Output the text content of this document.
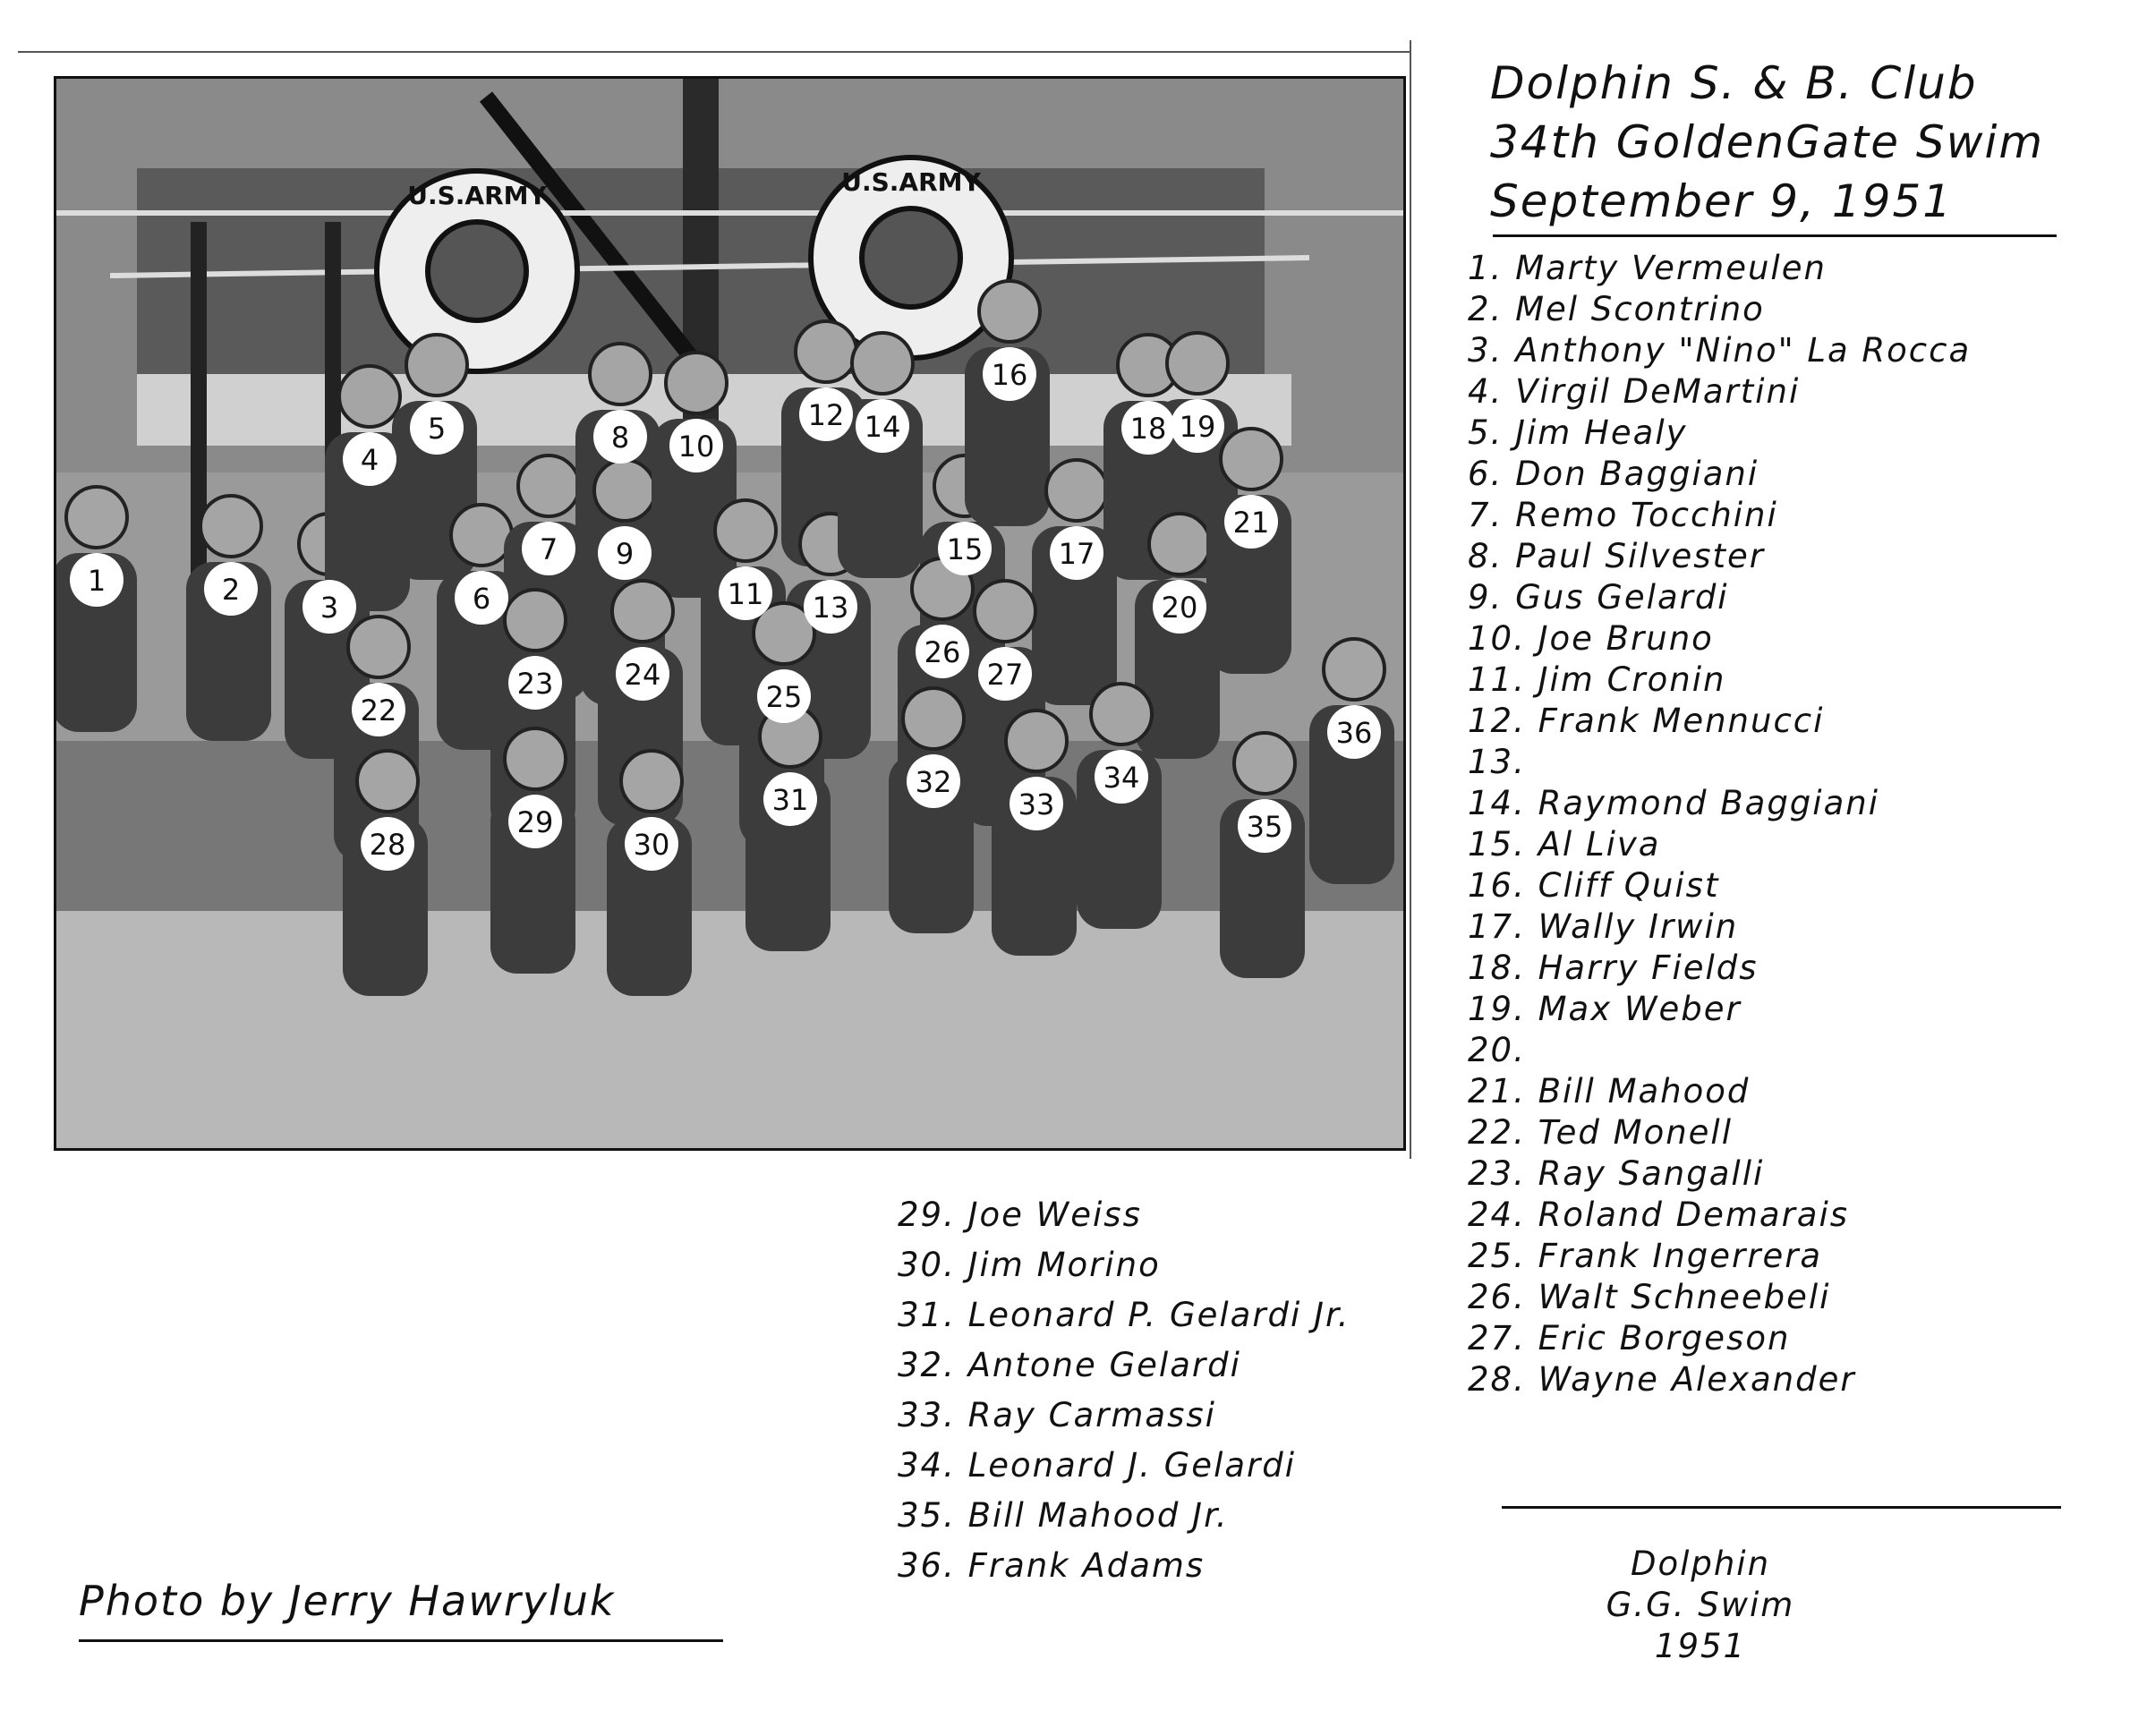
U.S.ARMY	U.S.ARMY
1	2
3
4
5
6
7
8
9
10
11
12
13
14
15
16
17
18 19
20
21
22
23 24
25
26
27
28
29
30
31
32
33
34
35
36
Dolphin S. & B. Club
34th GoldenGate Swim
September 9, 1951
1. Marty Vermeulen
2. Mel Scontrino
3. Anthony "Nino" La Rocca
4. Virgil DeMartini
5. Jim Healy
6. Don Baggiani
7. Remo Tocchini
8. Paul Silvester
9. Gus Gelardi
10. Joe Bruno
11. Jim Cronin
12. Frank Mennucci
13.
14. Raymond Baggiani
15. Al Liva
16. Cliff Quist
17. Wally Irwin
18. Harry Fields
19. Max Weber
20.
21. Bill Mahood
22. Ted Monell
23. Ray Sangalli
24. Roland Demarais
25. Frank Ingerrera
26. Walt Schneebeli
27. Eric Borgeson
28. Wayne Alexander
29. Joe Weiss
30. Jim Morino
31. Leonard P. Gelardi Jr.
32. Antone Gelardi
33. Ray Carmassi
34. Leonard J. Gelardi
35. Bill Mahood Jr.
36. Frank Adams
Photo by Jerry Hawryluk
Dolphin
G.G. Swim
1951
